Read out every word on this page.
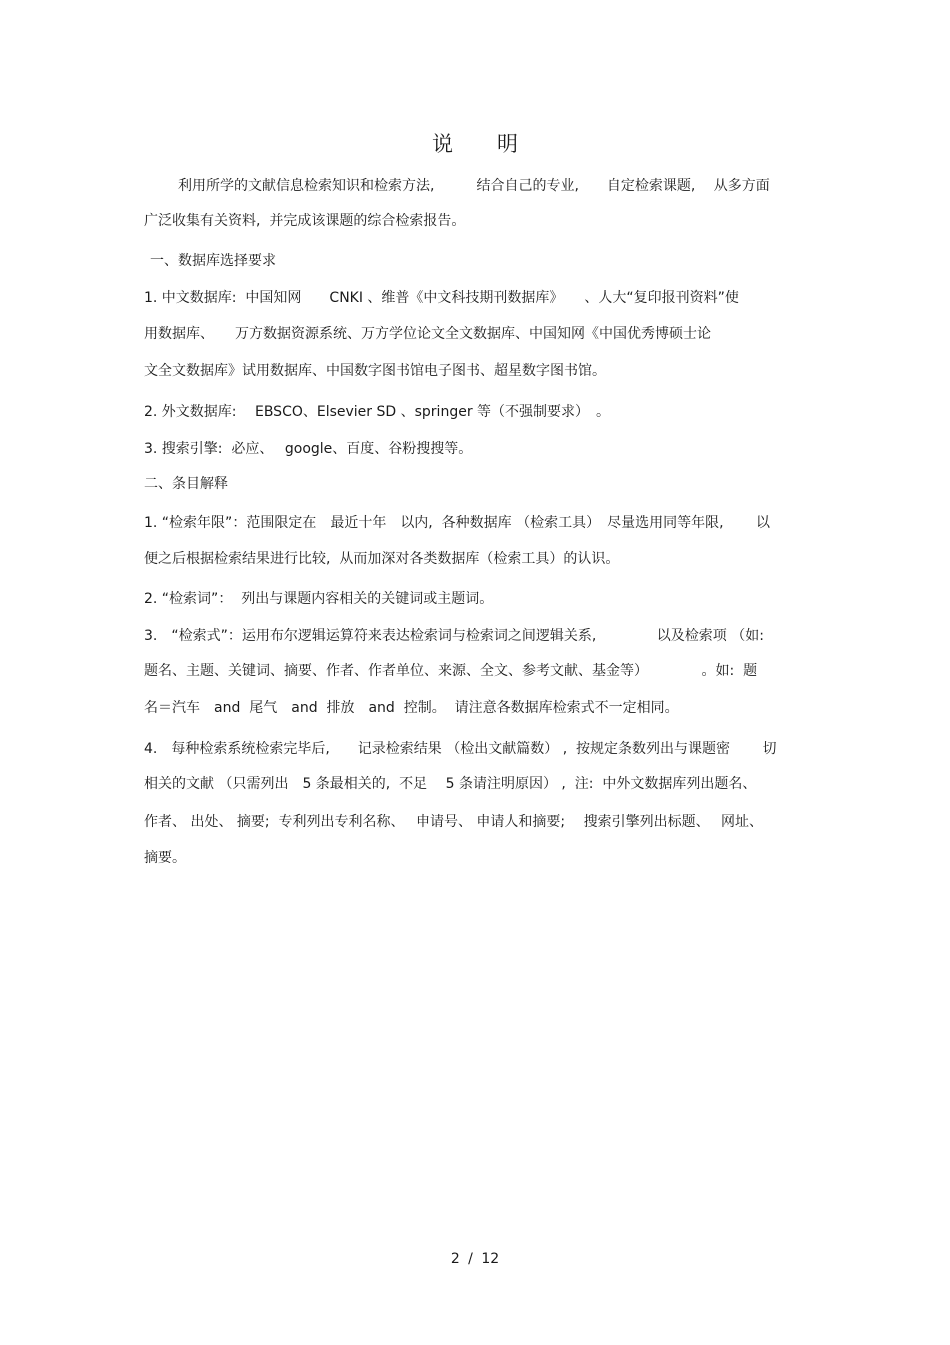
说明
利用所学的文献信息检索知识和检索方法,　　　结合自己的专业,　　自定检索课题,　 从多方面
广泛收集有关资料,  并完成该课题的综合检索报告。
一、数据库选择要求
1. 中文数据库:  中国知网　　CNKI 、维普《中文科技期刊数据库》　　、人大“复印报刊资料”使
用数据库、　　万方数据资源系统、万方学位论文全文数据库、中国知网《中国优秀博硕士论
文全文数据库》试用数据库、中国数字图书馆电子图书、超星数字图书馆。
2. 外文数据库:　 EBSCO、Elsevier SD 、springer 等（不强制要求）　。
3. 搜索引擎:  必应、　 google、百度、谷粉搜搜等。
二、条目解释
1. “检索年限”：范围限定在　最近十年　以内,  各种数据库 （检索工具）　尽量选用同等年限,　　 以
便之后根据检索结果进行比较,  从而加深对各类数据库（检索工具）的认识。
2. “检索词”：  列出与课题内容相关的关键词或主题词。
3.　“检索式”：运用布尔逻辑运算符来表达检索词与检索词之间逻辑关系,　　　　 以及检索项 （如:
题名、主题、关键词、摘要、作者、作者单位、来源、全文、参考文献、基金等）　　　　 。如:  题
名＝汽车　and  尾气　and  排放　and  控制。  请注意各数据库检索式不一定相同。
4.　每种检索系统检索完毕后,　　记录检索结果 （检出文献篇数） ,  按规定条数列出与课题密　　 切
相关的文献 （只需列出　5 条最相关的,  不足　 5 条请注明原因） ,  注:  中外文数据库列出题名、
作者、 出处、 摘要;  专利列出专利名称、　 申请号、 申请人和摘要;　 搜索引擎列出标题、　 网址、
摘要。
2 / 12
